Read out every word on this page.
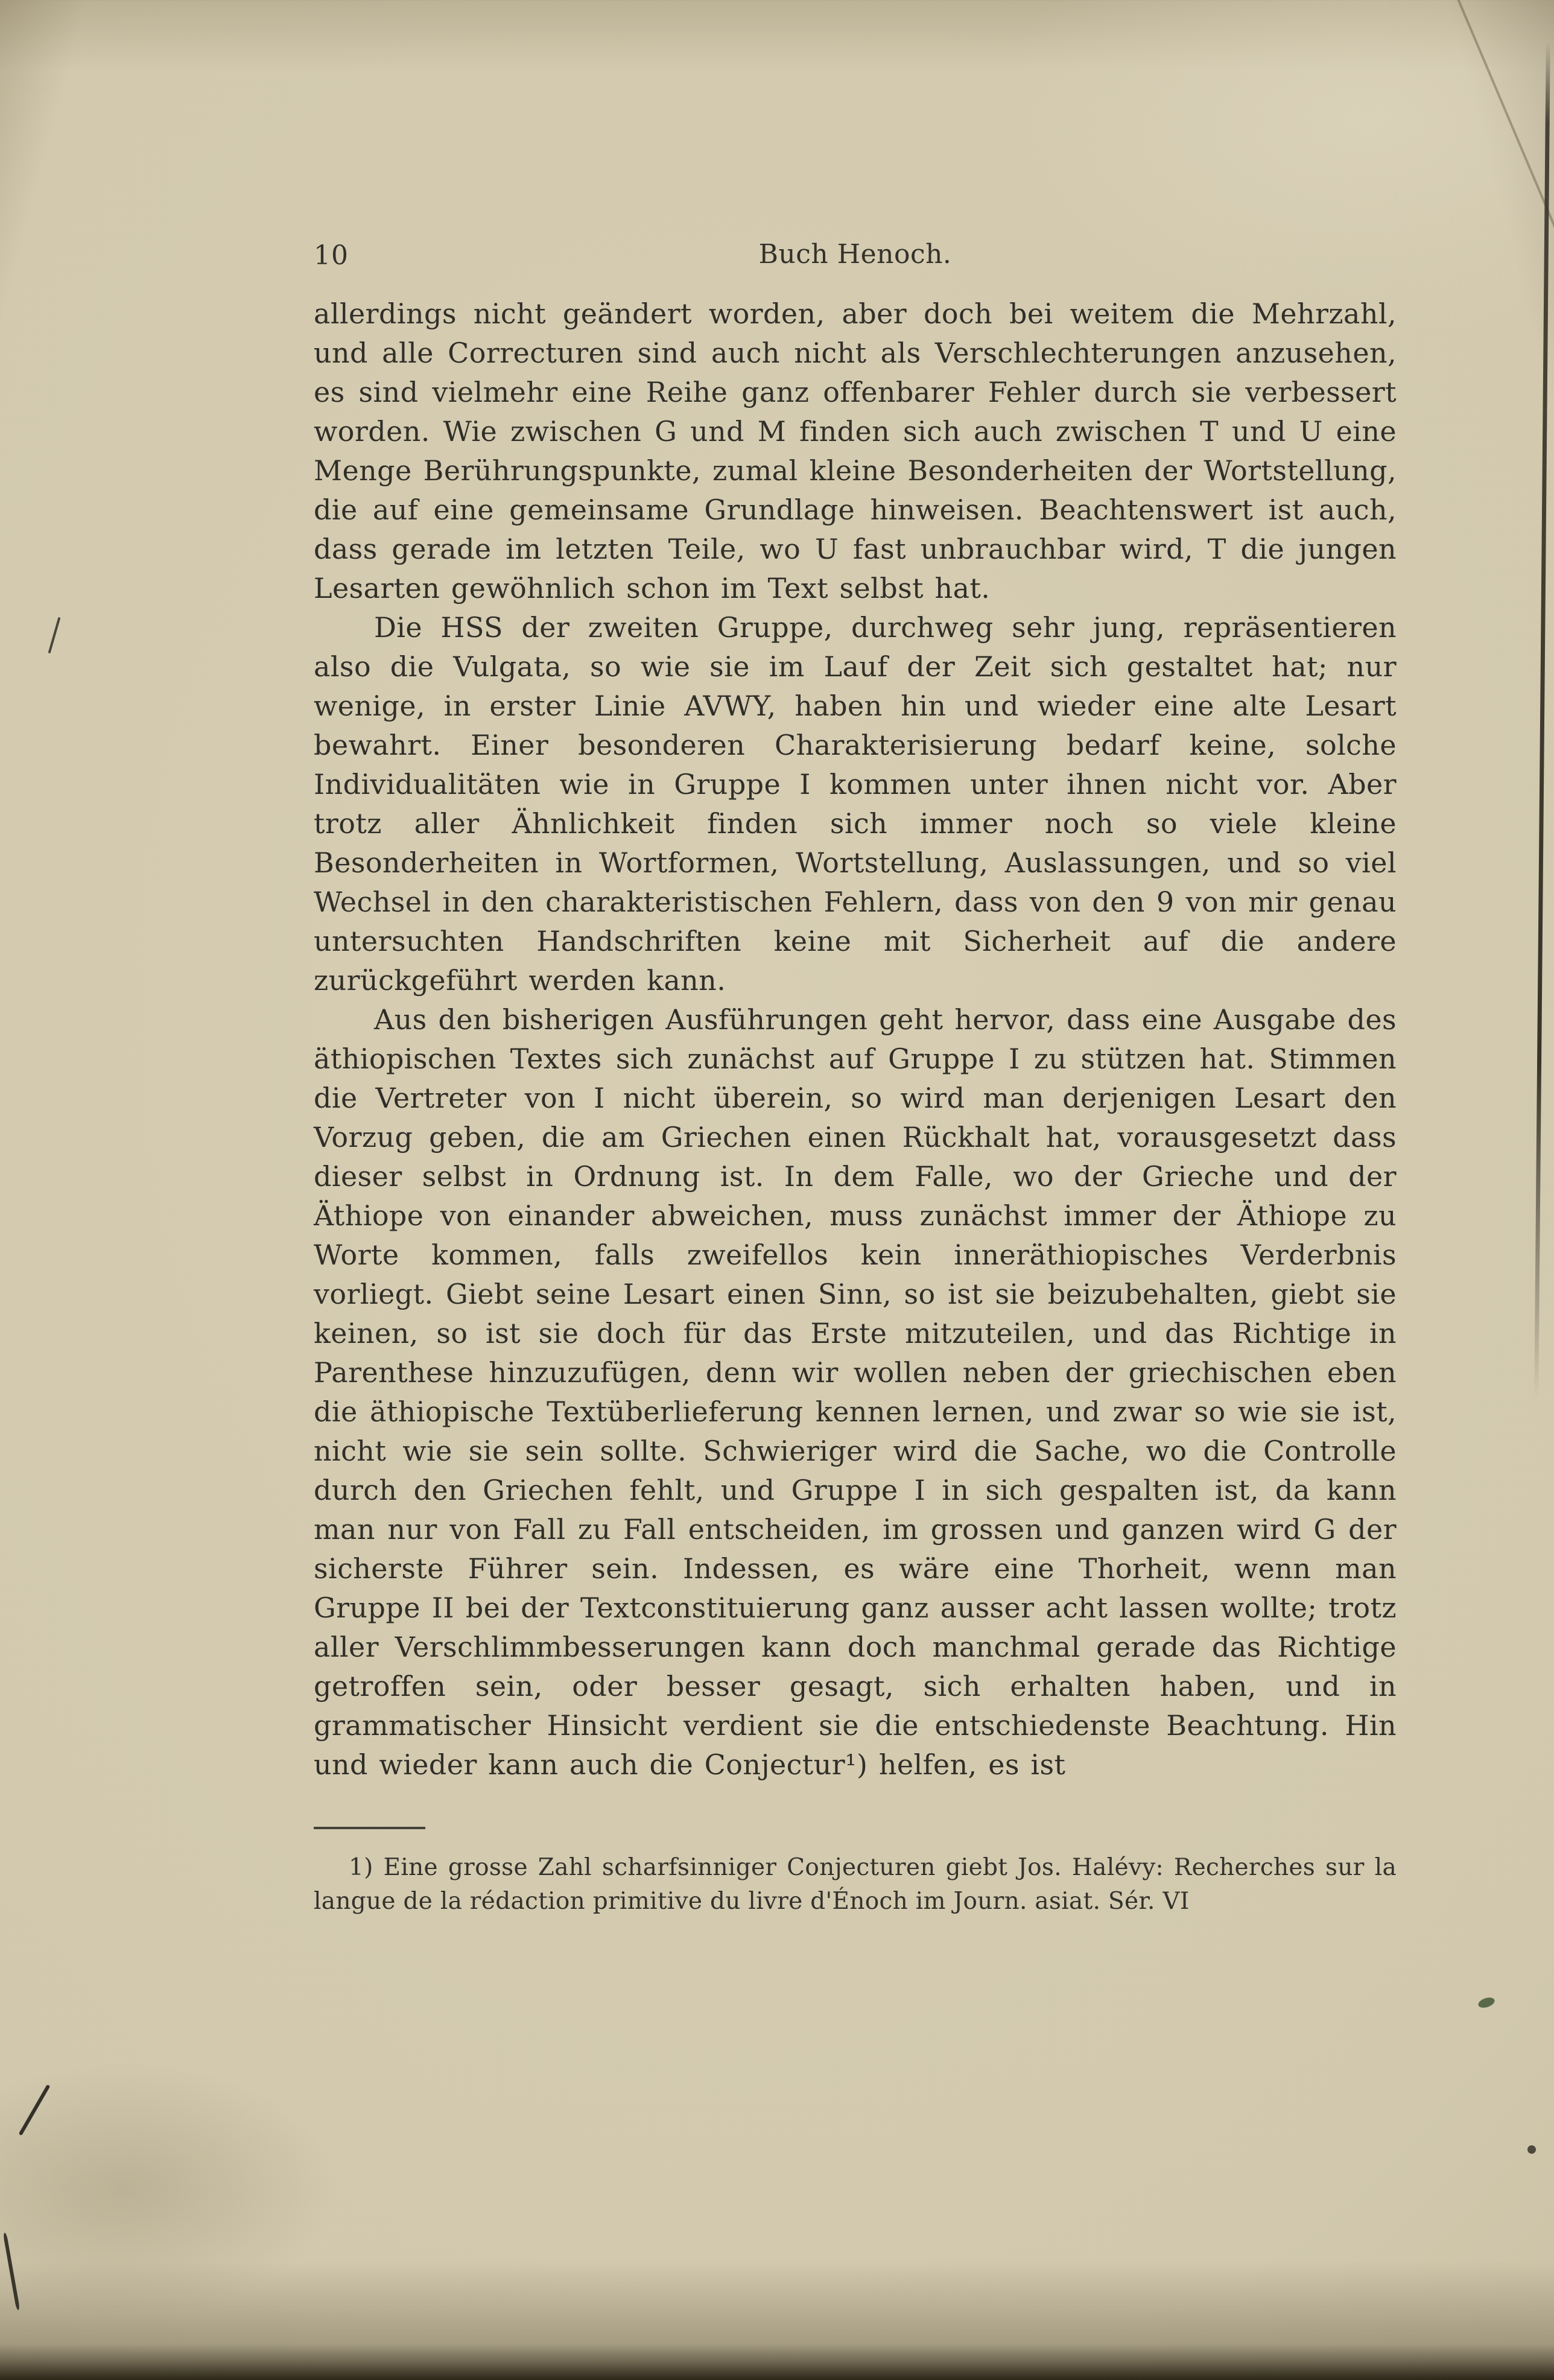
10	Buch Henoch.

allerdings nicht geändert worden, aber doch bei weitem die Mehrzahl, und alle Correcturen sind auch nicht als Verschlechterungen anzusehen, es sind vielmehr eine Reihe ganz offenbarer Fehler durch sie verbessert worden. Wie zwischen G und M finden sich auch zwischen T und U eine Menge Berührungspunkte, zumal kleine Besonderheiten der Wortstellung, die auf eine gemeinsame Grundlage hinweisen. Beachtenswert ist auch, dass gerade im letzten Teile, wo U fast unbrauchbar wird, T die jungen Lesarten gewöhnlich schon im Text selbst hat.

Die HSS der zweiten Gruppe, durchweg sehr jung, repräsentieren also die Vulgata, so wie sie im Lauf der Zeit sich gestaltet hat; nur wenige, in erster Linie AVWY, haben hin und wieder eine alte Lesart bewahrt. Einer besonderen Charakterisierung bedarf keine, solche Individualitäten wie in Gruppe I kommen unter ihnen nicht vor. Aber trotz aller Ähnlichkeit finden sich immer noch so viele kleine Besonderheiten in Wortformen, Wortstellung, Auslassungen, und so viel Wechsel in den charakteristischen Fehlern, dass von den 9 von mir genau untersuchten Handschriften keine mit Sicherheit auf die andere zurückgeführt werden kann.

Aus den bisherigen Ausführungen geht hervor, dass eine Ausgabe des äthiopischen Textes sich zunächst auf Gruppe I zu stützen hat. Stimmen die Vertreter von I nicht überein, so wird man derjenigen Lesart den Vorzug geben, die am Griechen einen Rückhalt hat, vorausgesetzt dass dieser selbst in Ordnung ist. In dem Falle, wo der Grieche und der Äthiope von einander abweichen, muss zunächst immer der Äthiope zu Worte kommen, falls zweifellos kein inneräthiopisches Verderbnis vorliegt. Giebt seine Lesart einen Sinn, so ist sie beizubehalten, giebt sie keinen, so ist sie doch für das Erste mitzuteilen, und das Richtige in Parenthese hinzuzufügen, denn wir wollen neben der griechischen eben die äthiopische Textüberlieferung kennen lernen, und zwar so wie sie ist, nicht wie sie sein sollte. Schwieriger wird die Sache, wo die Controlle durch den Griechen fehlt, und Gruppe I in sich gespalten ist, da kann man nur von Fall zu Fall entscheiden, im grossen und ganzen wird G der sicherste Führer sein. Indessen, es wäre eine Thorheit, wenn man Gruppe II bei der Textconstituierung ganz ausser acht lassen wollte; trotz aller Verschlimmbesserungen kann doch manchmal gerade das Richtige getroffen sein, oder besser gesagt, sich erhalten haben, und in grammatischer Hinsicht verdient sie die entschiedenste Beachtung. Hin und wieder kann auch die Conjectur¹) helfen, es ist

1) Eine grosse Zahl scharfsinniger Conjecturen giebt Jos. Halévy: Recherches sur la langue de la rédaction primitive du livre d'Énoch im Journ. asiat. Sér. VI
